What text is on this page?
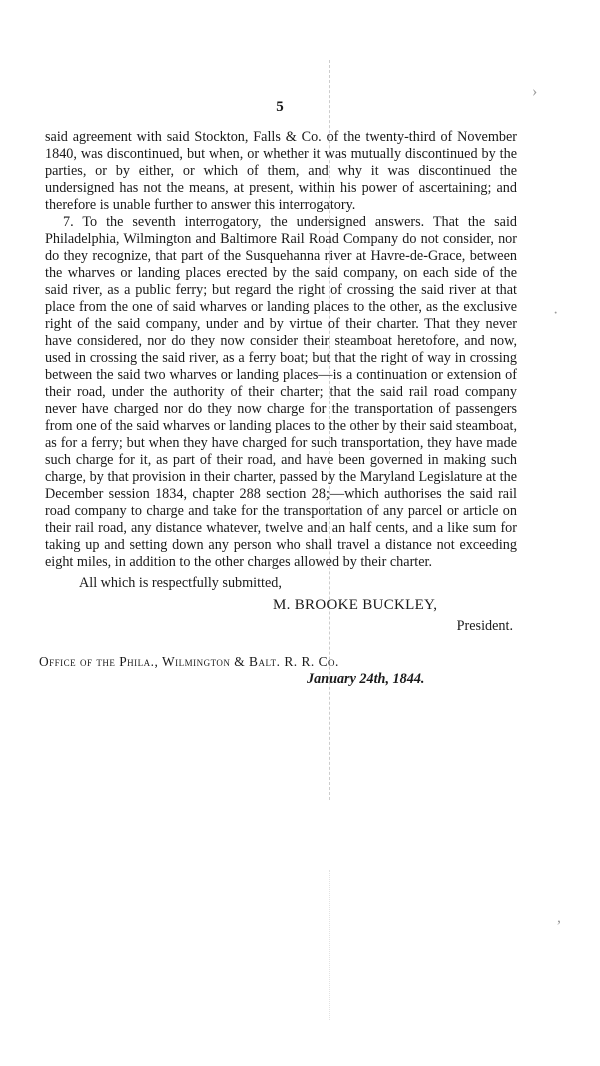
›
·
,
5

said agreement with said Stockton, Falls & Co. of the twenty-third of November 1840, was discontinued, but when, or whether it was mutually discontinued by the parties, or by either, or which of them, and why it was discontinued the undersigned has not the means, at present, within his power of ascertaining; and therefore is unable further to answer this interrogatory.

7. To the seventh interrogatory, the undersigned answers. That the said Philadelphia, Wilmington and Baltimore Rail Road Company do not consider, nor do they recognize, that part of the Susquehanna river at Havre-de-Grace, between the wharves or landing places erected by the said company, on each side of the said river, as a public ferry; but regard the right of crossing the said river at that place from the one of said wharves or landing places to the other, as the exclusive right of the said company, under and by virtue of their charter. That they never have considered, nor do they now consider their steamboat heretofore, and now, used in crossing the said river, as a ferry boat; but that the right of way in crossing between the said two wharves or landing places—is a continuation or extension of their road, under the authority of their charter; that the said rail road company never have charged nor do they now charge for the transportation of passengers from one of the said wharves or landing places to the other by their said steamboat, as for a ferry; but when they have charged for such transportation, they have made such charge for it, as part of their road, and have been governed in making such charge, by that provision in their charter, passed by the Maryland Legislature at the December session 1834, chapter 288 section 28;—which authorises the said rail road company to charge and take for the transportation of any parcel or article on their rail road, any distance whatever, twelve and an half cents, and a like sum for taking up and setting down any person who shall travel a distance not exceeding eight miles, in addition to the other charges allowed by their charter.

All which is respectfully submitted,

M. BROOKE BUCKLEY,

President.

Office of the Phila., Wilmington & Balt. R. R. Co.

January 24th, 1844.
